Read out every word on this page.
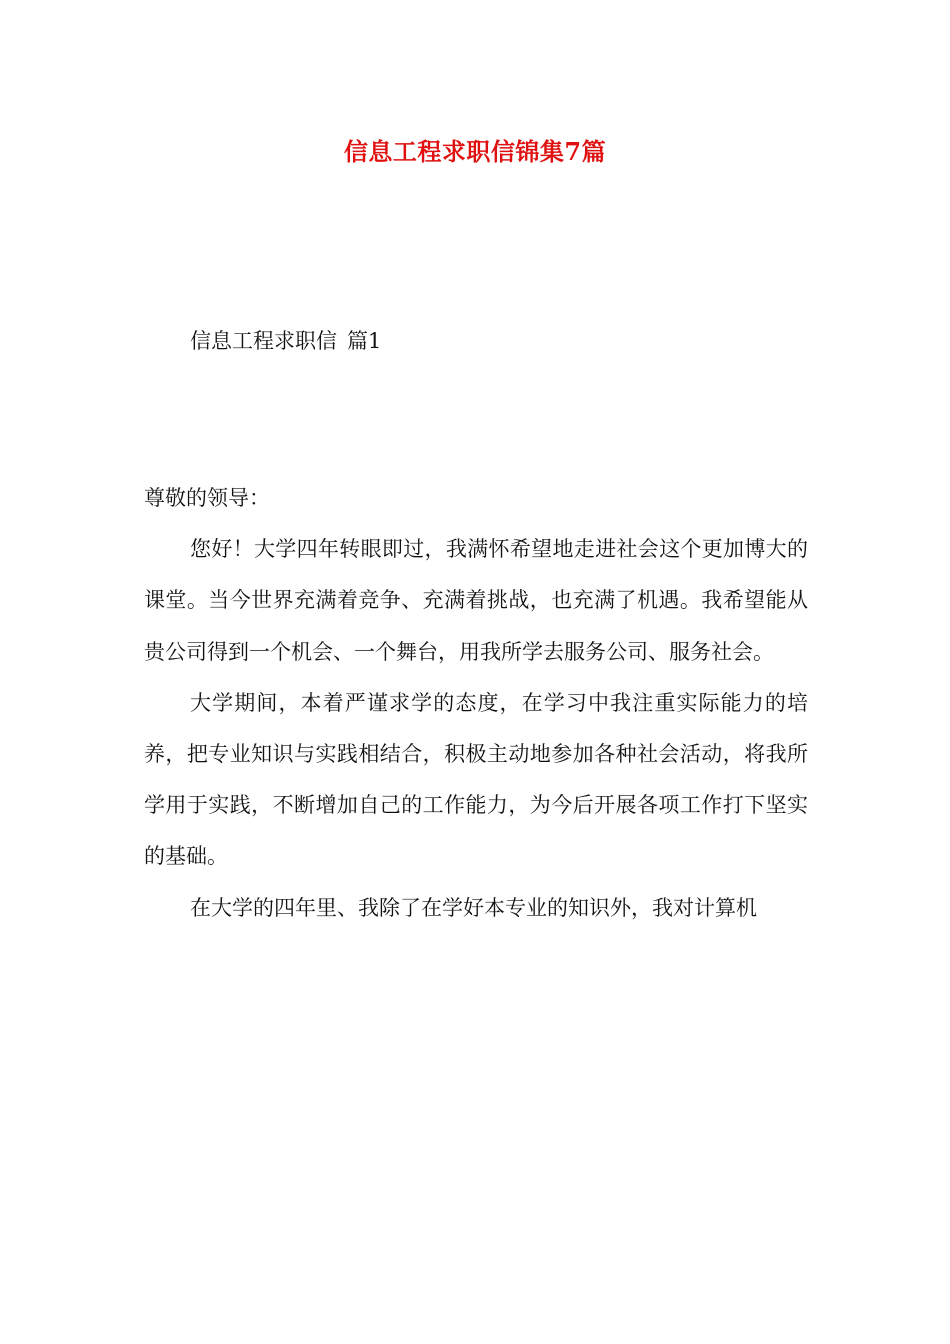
信息工程求职信锦集7篇
信息工程求职信 篇1

尊敬的领导：

您好！大学四年转眼即过，我满怀希望地走进社会这个更加博大的课堂。当今世界充满着竞争、充满着挑战，也充满了机遇。我希望能从贵公司得到一个机会、一个舞台，用我所学去服务公司、服务社会。

大学期间，本着严谨求学的态度，在学习中我注重实际能力的培养，把专业知识与实践相结合，积极主动地参加各种社会活动，将我所学用于实践，不断增加自己的工作能力，为今后开展各项工作打下坚实的基础。

在大学的四年里、我除了在学好本专业的知识外，我对计算机
